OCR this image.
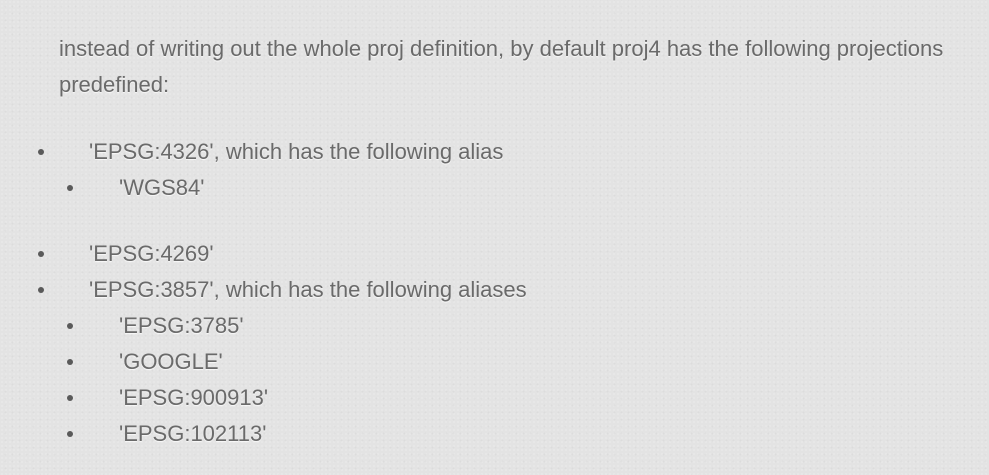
instead of writing out the whole proj definition, by default proj4 has the following projections predefined:

'EPSG:4326', which has the following alias
'WGS84'
'EPSG:4269'
'EPSG:3857', which has the following aliases
'EPSG:3785'
'GOOGLE'
'EPSG:900913'
'EPSG:102113'
